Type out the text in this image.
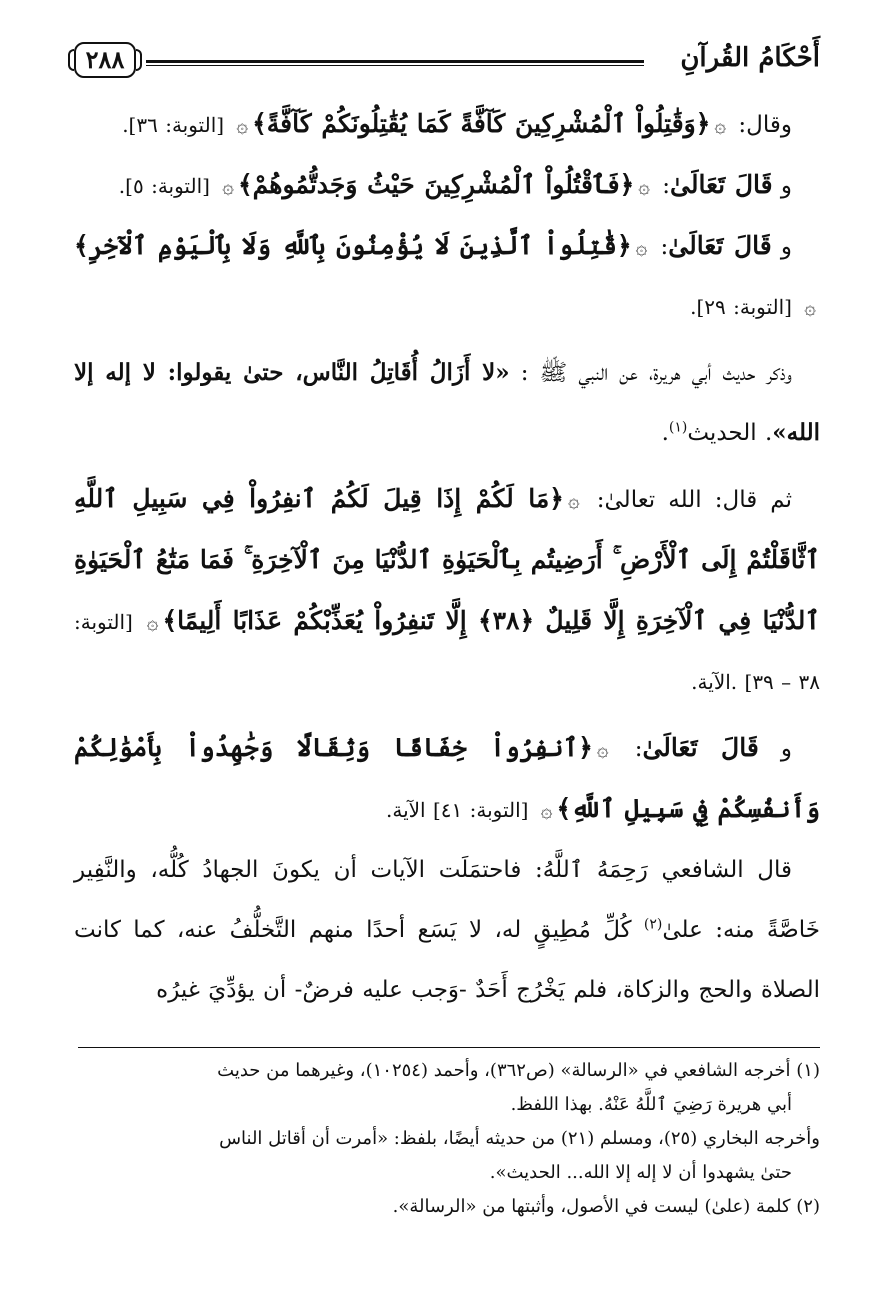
أَحْكَامُ القُرآنِ
٢٨٨

وقال: ۞﴿وَقَٰتِلُواْ ٱلْمُشْرِكِينَ كَآفَّةً كَمَا يُقَٰتِلُونَكُمْ كَآفَّةً﴾۞ [التوبة: ٣٦].

و قَالَ تَعَالَىٰ: ۞﴿فَٱقْتُلُواْ ٱلْمُشْرِكِينَ حَيْثُ وَجَدتُّمُوهُمْ﴾۞ [التوبة: ٥].

و قَالَ تَعَالَىٰ: ۞﴿قَٰتِلُواْ ٱلَّذِينَ لَا يُؤْمِنُونَ بِٱللَّهِ وَلَا بِٱلْيَوْمِ ٱلْآخِرِ﴾۞ [التوبة: ٢٩].

وذكر حديث أبي هريرة، عن النبي ﷺ : «لا أَزَالُ أُقَاتِلُ النَّاس، حتىٰ يقولوا: لا إله إلا الله». الحديث$^{(١)}$.

ثم قال: الله تعالىٰ: ۞﴿مَا لَكُمْ إِذَا قِيلَ لَكُمُ ٱنفِرُواْ فِي سَبِيلِ ٱللَّهِ ٱثَّاقَلْتُمْ إِلَى ٱلْأَرْضِ ۚ أَرَضِيتُم بِٱلْحَيَوٰةِ ٱلدُّنْيَا مِنَ ٱلْآخِرَةِ ۚ فَمَا مَتَٰعُ ٱلْحَيَوٰةِ ٱلدُّنْيَا فِي ٱلْآخِرَةِ إِلَّا قَلِيلٌ ﴿٣٨﴾ إِلَّا تَنفِرُواْ يُعَذِّبْكُمْ عَذَابًا أَلِيمًا﴾۞ [التوبة: ٣٨ – ٣٩] .الآية.

و قَالَ تَعَالَىٰ: ۞﴿ٱنفِرُواْ خِفَافًا وَثِقَالًا وَجَٰهِدُواْ بِأَمْوَٰلِكُمْ وَأَنفُسِكُمْ فِي سَبِيلِ ٱللَّهِ﴾۞ [التوبة: ٤١] الآية.

قال الشافعي رَحِمَهُ ٱللَّهُ: فاحتمَلَت الآيات أن يكونَ الجهادُ كُلُّه، والنَّفِير خَاصَّةً منه: علىٰ$^{(٢)}$ كُلِّ مُطِيقٍ له، لا يَسَع أحدًا منهم التَّخلُّفُ عنه، كما كانت الصلاة والحج والزكاة، فلم يَخْرُج أَحَدٌ -وَجب عليه فرضٌ- أن يؤدِّيَ غيرُه

(١) أخرجه الشافعي في «الرسالة» (ص٣٦٢)، وأحمد (١٠٢٥٤)، وغيرهما من حديث

أبي هريرة رَضِيَ ٱللَّهُ عَنْهُ. بهذا اللفظ.

وأخرجه البخاري (٢٥)، ومسلم (٢١) من حديثه أيضًا، بلفظ: «أمرت أن أقاتل الناس

حتىٰ يشهدوا أن لا إله إلا الله... الحديث».

(٢) كلمة (علىٰ) ليست في الأصول، وأثبتها من «الرسالة».
